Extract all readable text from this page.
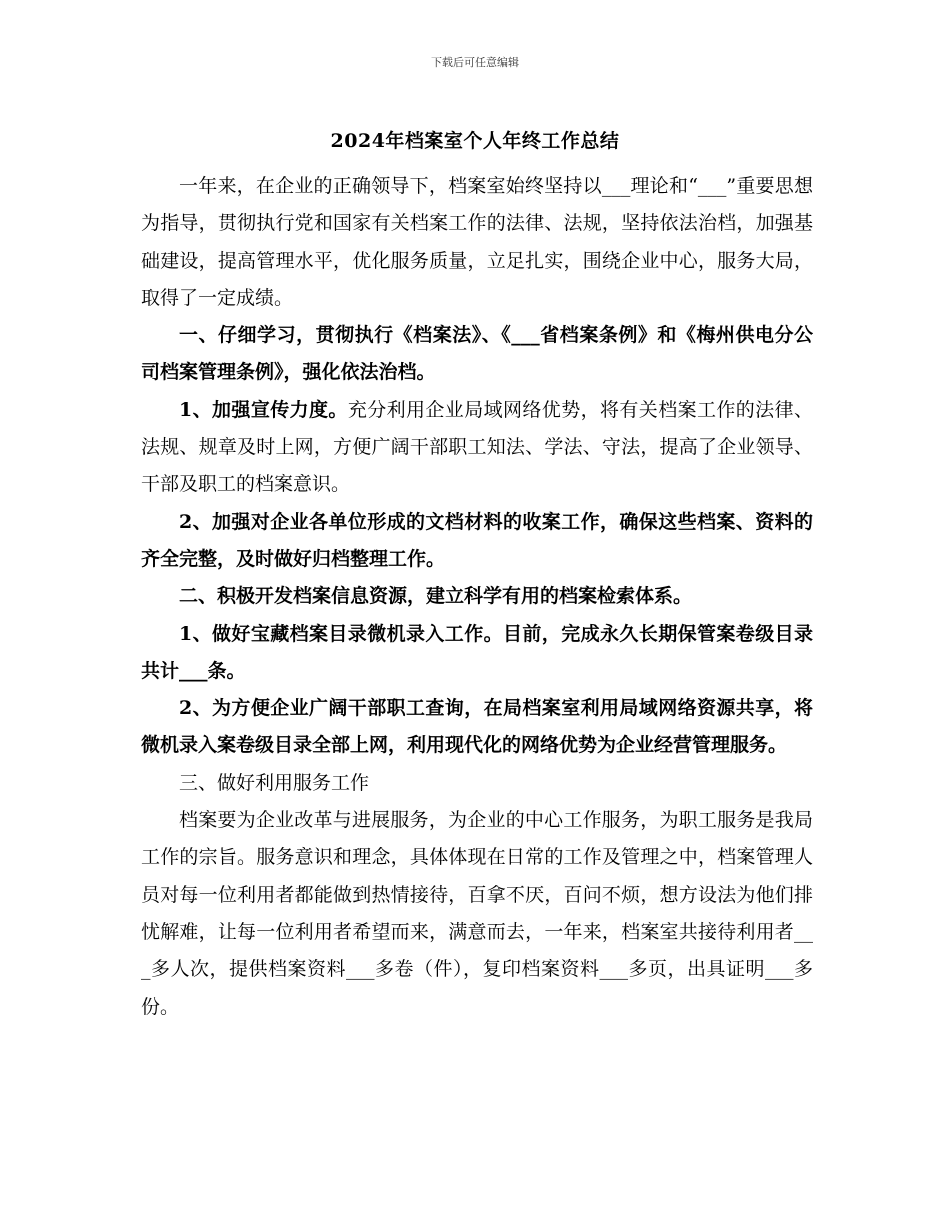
下载后可任意编辑
2024年档案室个人年终工作总结

一年来，在企业的正确领导下，档案室始终坚持以___理论和“___”重要思想为指导，贯彻执行党和国家有关档案工作的法律、法规，坚持依法治档，加强基础建设，提高管理水平，优化服务质量，立足扎实，围绕企业中心，服务大局，取得了一定成绩。

一、仔细学习，贯彻执行《档案法》、《___省档案条例》和《梅州供电分公司档案管理条例》，强化依法治档。

1、加强宣传力度。充分利用企业局域网络优势，将有关档案工作的法律、法规、规章及时上网，方便广阔干部职工知法、学法、守法，提高了企业领导、干部及职工的档案意识。

2、加强对企业各单位形成的文档材料的收案工作，确保这些档案、资料的齐全完整，及时做好归档整理工作。

二、积极开发档案信息资源，建立科学有用的档案检索体系。

1、做好宝藏档案目录微机录入工作。目前，完成永久长期保管案卷级目录共计___条。

2、为方便企业广阔干部职工查询，在局档案室利用局域网络资源共享，将微机录入案卷级目录全部上网，利用现代化的网络优势为企业经营管理服务。

三、做好利用服务工作

档案要为企业改革与进展服务，为企业的中心工作服务，为职工服务是我局工作的宗旨。服务意识和理念，具体体现在日常的工作及管理之中，档案管理人员对每一位利用者都能做到热情接待，百拿不厌，百问不烦，想方设法为他们排忧解难，让每一位利用者希望而来，满意而去，一年来，档案室共接待利用者___多人次，提供档案资料___多卷（件），复印档案资料___多页，出具证明___多份。
